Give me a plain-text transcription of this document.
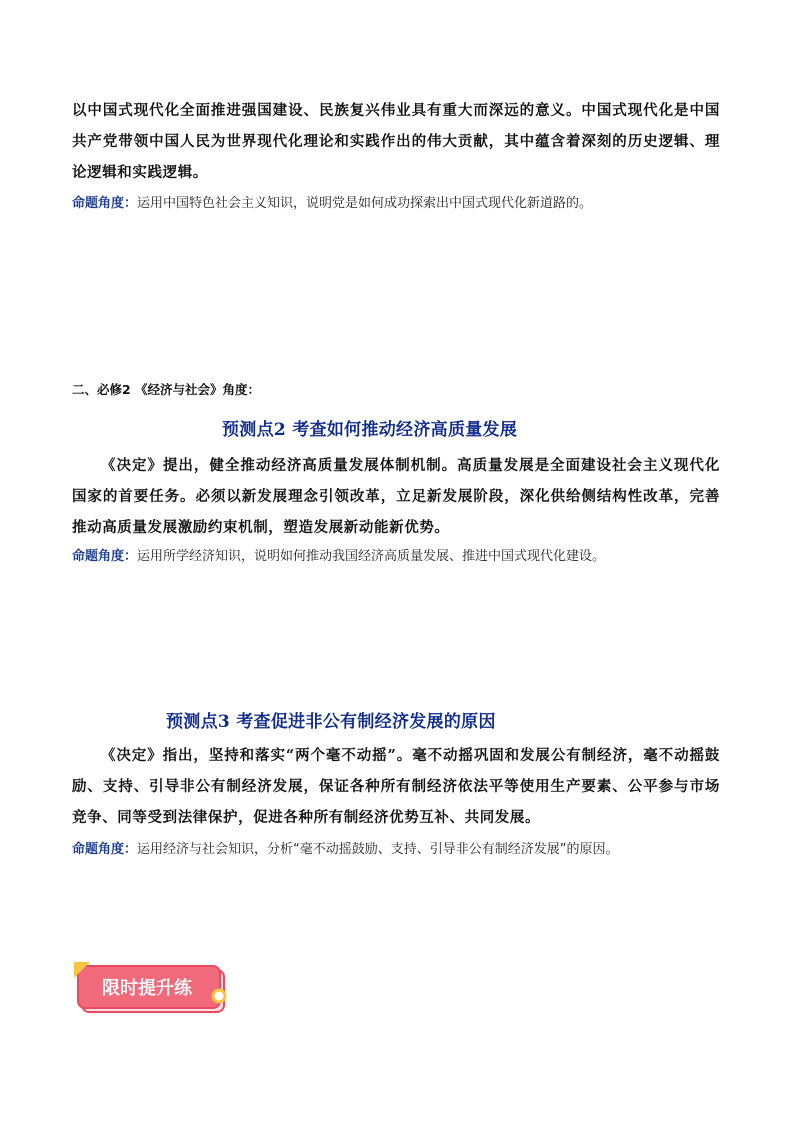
以中国式现代化全面推进强国建设、民族复兴伟业具有重大而深远的意义。中国式现代化是中国共产党带领中国人民为世界现代化理论和实践作出的伟大贡献，其中蕴含着深刻的历史逻辑、理论逻辑和实践逻辑。
命题角度：运用中国特色社会主义知识，说明党是如何成功探索出中国式现代化新道路的。
二、必修2 《经济与社会》角度：
预测点2 考查如何推动经济高质量发展
《决定》提出，健全推动经济高质量发展体制机制。高质量发展是全面建设社会主义现代化国家的首要任务。必须以新发展理念引领改革，立足新发展阶段，深化供给侧结构性改革，完善推动高质量发展激励约束机制，塑造发展新动能新优势。
命题角度：运用所学经济知识，说明如何推动我国经济高质量发展、推进中国式现代化建设。
预测点3 考查促进非公有制经济发展的原因
《决定》指出，坚持和落实“两个毫不动摇”。毫不动摇巩固和发展公有制经济，毫不动摇鼓励、支持、引导非公有制经济发展，保证各种所有制经济依法平等使用生产要素、公平参与市场竞争、同等受到法律保护，促进各种所有制经济优势互补、共同发展。
命题角度：运用经济与社会知识，分析“毫不动摇鼓励、支持、引导非公有制经济发展”的原因。
限时提升练
